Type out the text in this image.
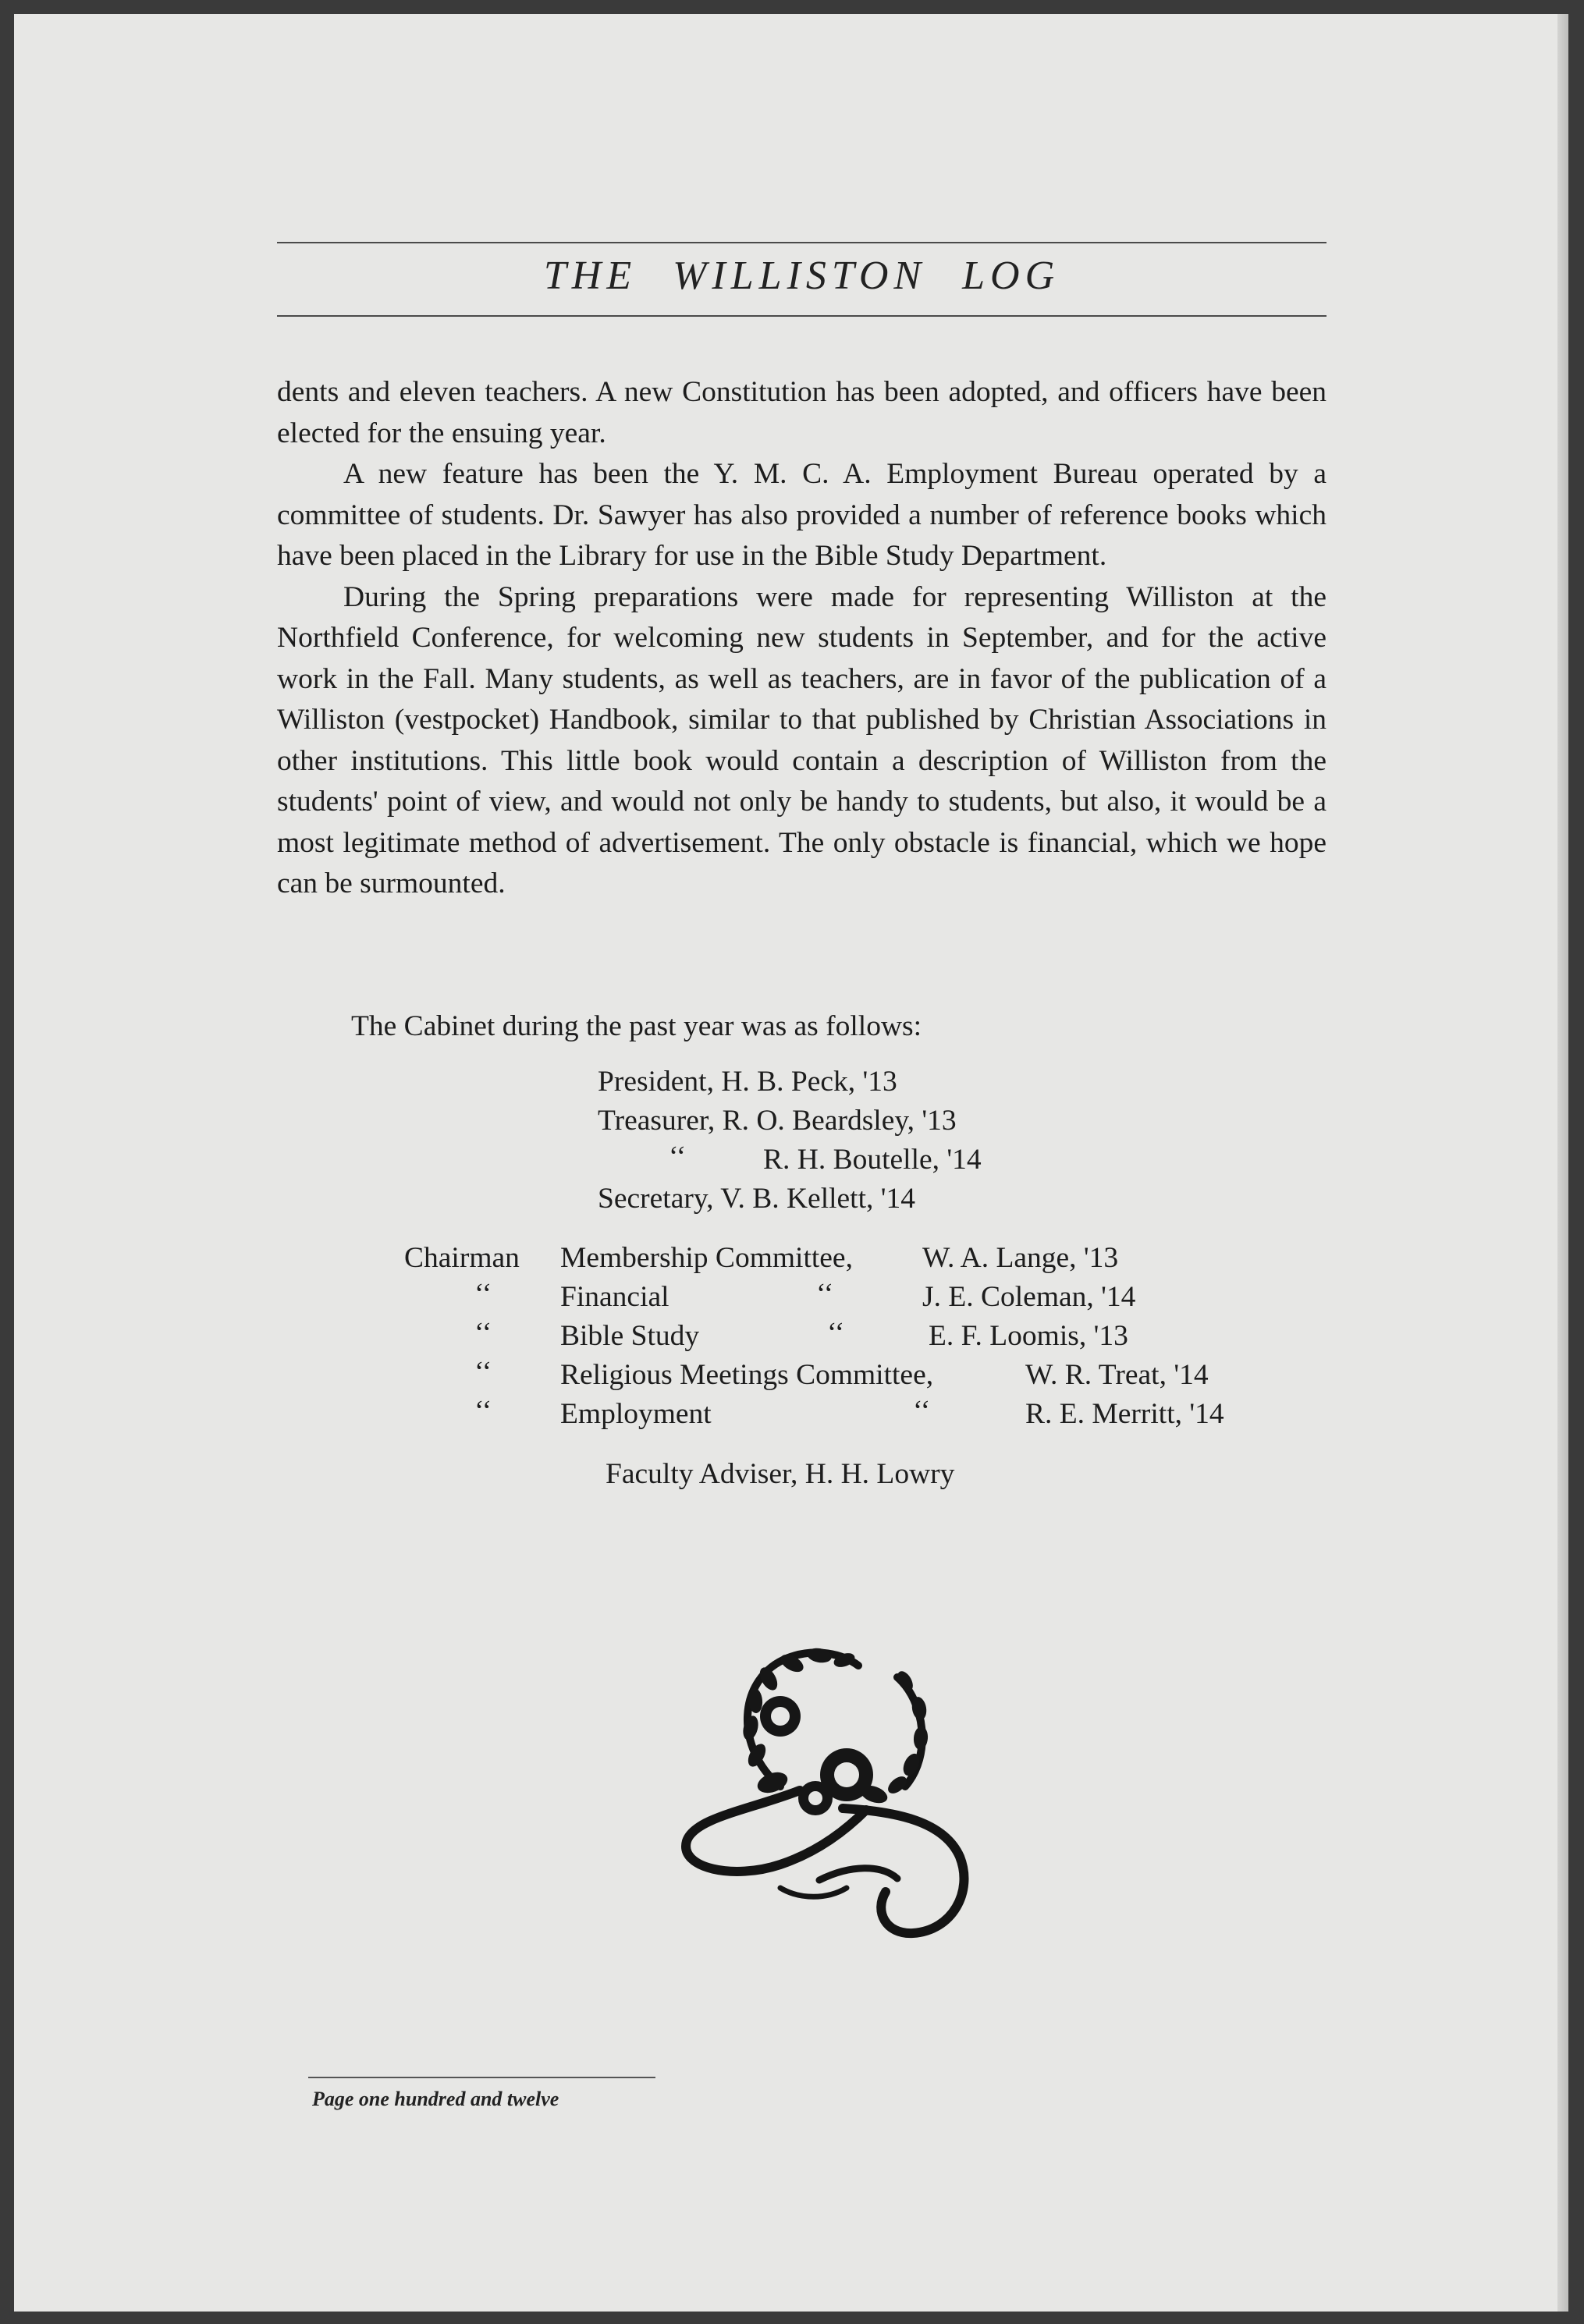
THE WILLISTON LOG

dents and eleven teachers. A new Constitution has been adopted, and officers have been elected for the ensuing year.

A new feature has been the Y. M. C. A. Employment Bureau operated by a committee of students. Dr. Sawyer has also provided a number of reference books which have been placed in the Library for use in the Bible Study Department.

During the Spring preparations were made for representing Williston at the Northfield Conference, for welcoming new students in September, and for the active work in the Fall. Many students, as well as teachers, are in favor of the publication of a Williston (vestpocket) Handbook, similar to that published by Christian Associations in other institutions. This little book would contain a description of Williston from the students' point of view, and would not only be handy to students, but also, it would be a most legitimate method of advertisement. The only obstacle is financial, which we hope can be surmounted.

The Cabinet during the past year was as follows:
President, H. B. Peck, '13
Treasurer, R. O. Beardsley, '13
‘‘	R. H. Boutelle, '14
Secretary, V. B. Kellett, '14
Chairman Membership Committee, W. A. Lange, '13
‘‘ Financial	‘‘	J. E. Coleman, '14
‘‘ Bible Study	‘‘	E. F. Loomis, '13
‘‘ Religious Meetings Committee,	W. R. Treat, '14
‘‘ Employment	‘‘	R. E. Merritt, '14
Faculty Adviser, H. H. Lowry
Page one hundred and twelve
